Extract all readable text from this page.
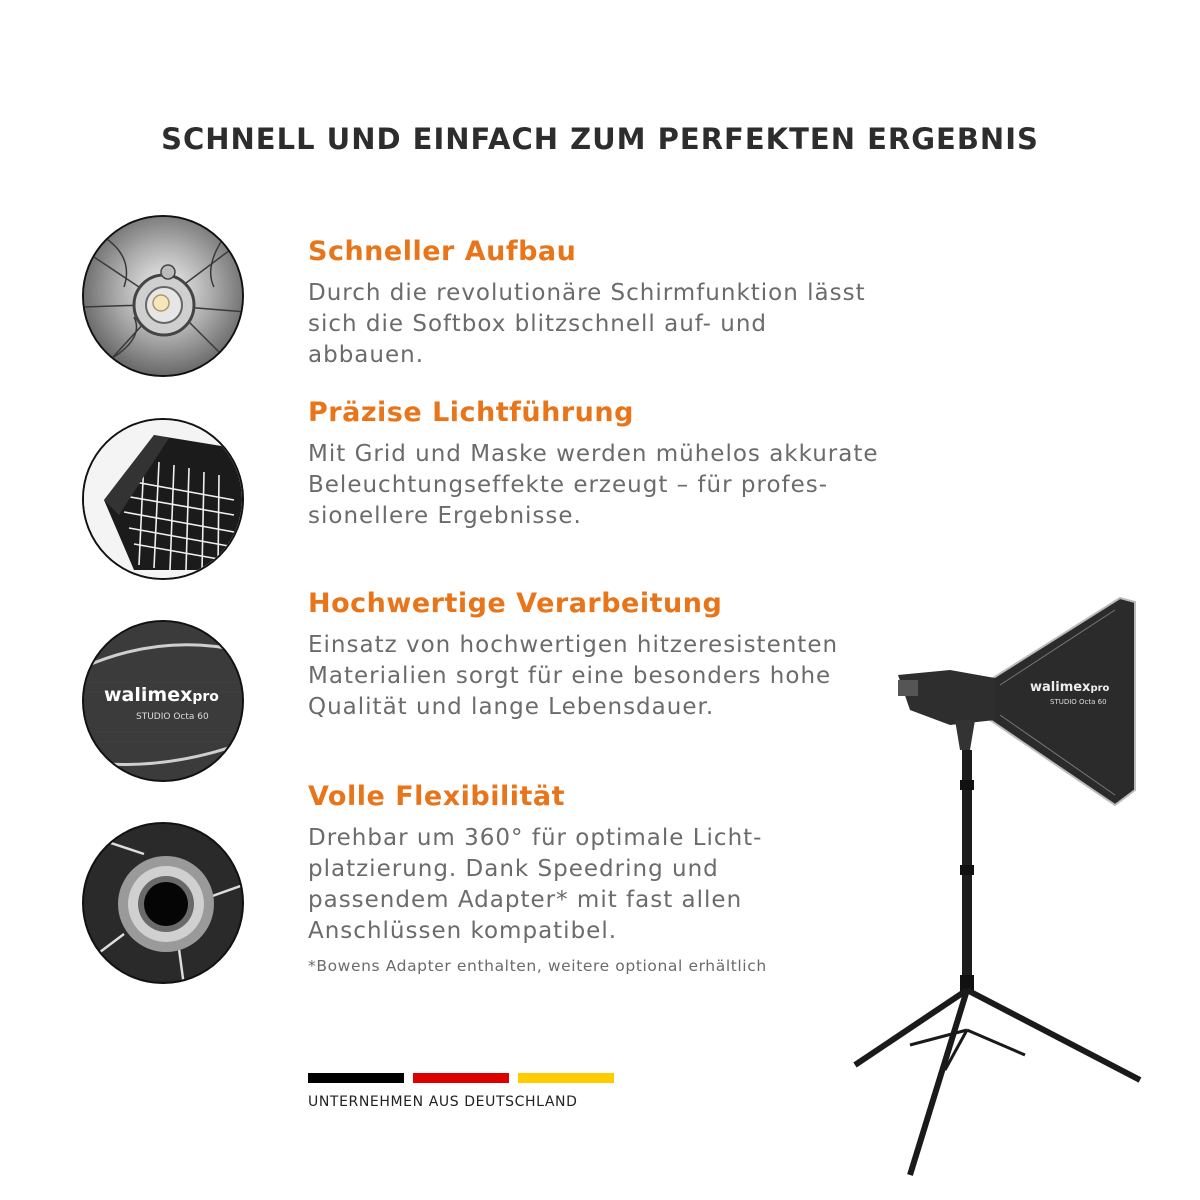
SCHNELL UND EINFACH ZUM PERFEKTEN ERGEBNIS
walimexpro
STUDIO Octa 60
Schneller Aufbau
Durch die revolutionäre Schirmfunktion lässt
sich die Softbox blitzschnell auf- und abbauen.
Präzise Lichtführung
Mit Grid und Maske werden mühelos akkurate
Beleuchtungseffekte erzeugt – für profes-
sionellere Ergebnisse.
Hochwertige Verarbeitung
Einsatz von hochwertigen hitzeresistenten
Materialien sorgt für eine besonders hohe
Qualität und lange Lebensdauer.
Volle Flexibilität
Drehbar um 360° für optimale Licht-
platzierung. Dank Speedring und
passendem Adapter* mit fast allen
Anschlüssen kompatibel.
*Bowens Adapter enthalten, weitere optional erhältlich
UNTERNEHMEN AUS DEUTSCHLAND
walimexpro
STUDIO Octa 60
